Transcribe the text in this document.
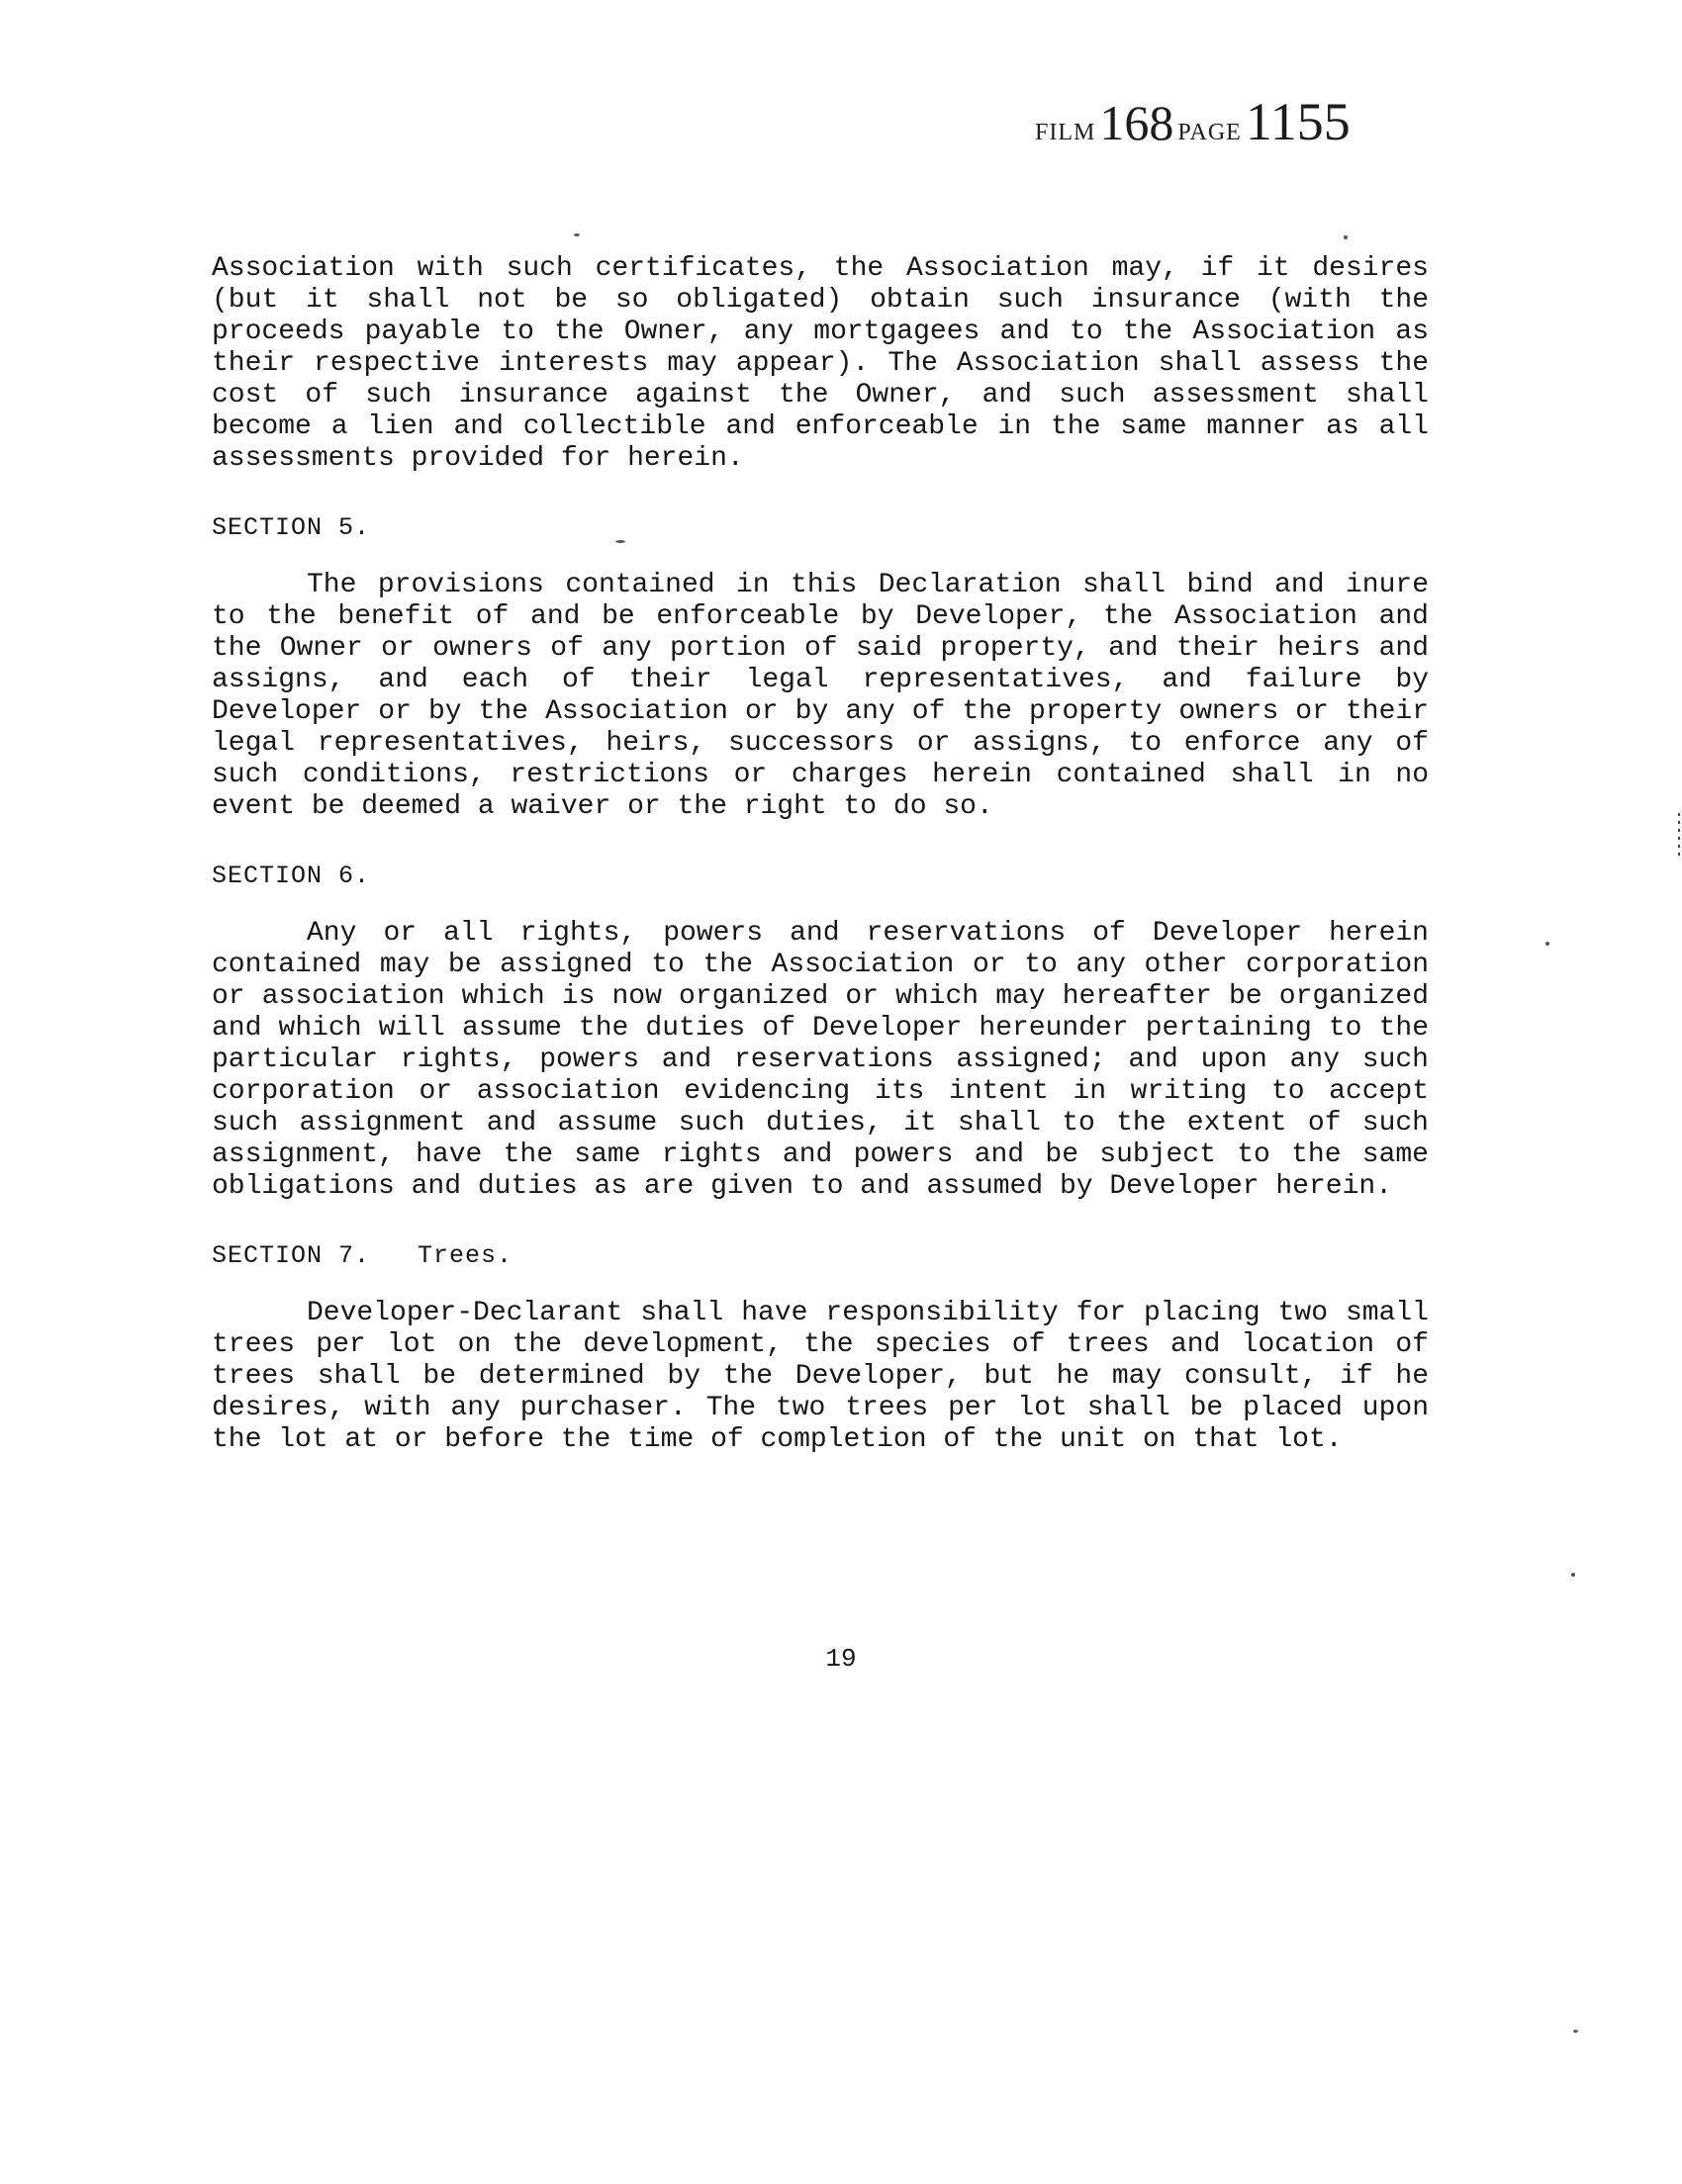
FILM 168 PAGE 1155

Association with such certificates, the Association may, if it desires (but it shall not be so obligated) obtain such insurance (with the proceeds payable to the Owner, any mortgagees and to the Association as their respective interests may appear). The Association shall assess the cost of such insurance against the Owner, and such assessment shall become a lien and collectible and enforceable in the same manner as all assessments provided for herein.

SECTION 5.

The provisions contained in this Declaration shall bind and inure to the benefit of and be enforceable by Developer, the Association and the Owner or owners of any portion of said property, and their heirs and assigns, and each of their legal representatives, and failure by Developer or by the Association or by any of the property owners or their legal representatives, heirs, successors or assigns, to enforce any of such conditions, restrictions or charges herein contained shall in no event be deemed a waiver or the right to do so.

SECTION 6.

Any or all rights, powers and reservations of Developer herein contained may be assigned to the Association or to any other corporation or association which is now organized or which may hereafter be organized and which will assume the duties of Developer hereunder pertaining to the particular rights, powers and reservations assigned; and upon any such corporation or association evidencing its intent in writing to accept such assignment and assume such duties, it shall to the extent of such assignment, have the same rights and powers and be subject to the same obligations and duties as are given to and assumed by Developer herein.

SECTION 7.   Trees.

Developer-Declarant shall have responsibility for placing two small trees per lot on the development, the species of trees and location of trees shall be determined by the Developer, but he may consult, if he desires, with any purchaser. The two trees per lot shall be placed upon the lot at or before the time of completion of the unit on that lot.

19
